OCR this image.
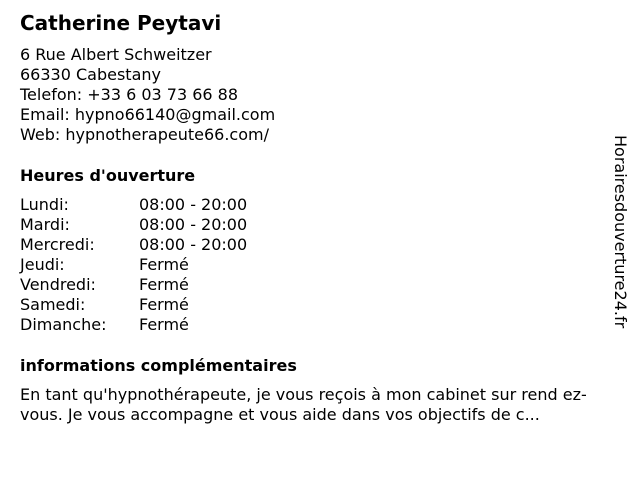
Catherine Peytavi
6 Rue Albert Schweitzer
66330 Cabestany
Telefon: +33 6 03 73 66 88
Email: hypno66140@gmail.com
Web: hypnotherapeute66.com/
Heures d'ouverture
Lundi:	08:00 - 20:00
Mardi:	08:00 - 20:00
Mercredi:	08:00 - 20:00
Jeudi:	Fermé
Vendredi:	Fermé
Samedi:	Fermé
Dimanche:	Fermé
informations complémentaires
En tant qu'hypnothérapeute, je vous reçois à mon cabinet sur rend ez-vous. Je vous accompagne et vous aide dans vos objectifs de c...
Horairesdouverture24.fr
